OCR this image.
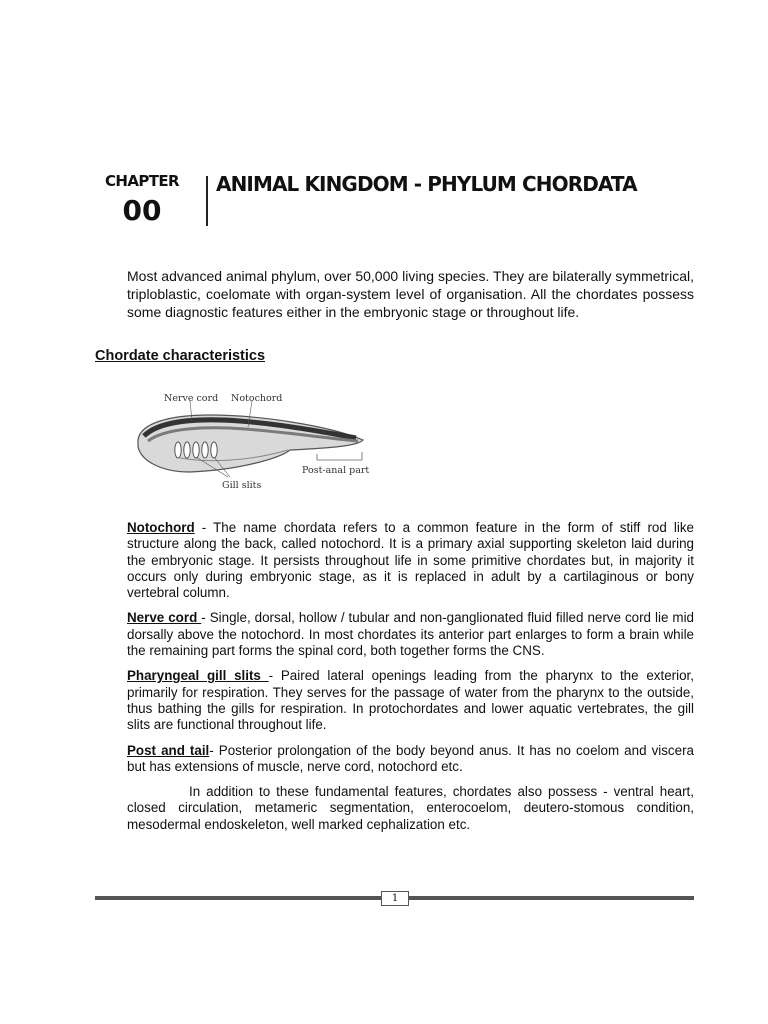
CHAPTER
00
ANIMAL KINGDOM - PHYLUM CHORDATA

Most advanced animal phylum, over 50,000 living species. They are bilaterally symmetrical, triploblastic, coelomate with organ-system level of organisation. All the chordates possess some diagnostic features either in the embryonic stage or throughout life.

Chordate characteristics
Nerve cord Notochord
Post-anal part
Gill slits

Notochord - The name chordata refers to a common feature in the form of stiff rod like structure along the back, called notochord. It is a primary axial supporting skeleton laid during the embryonic stage. It persists throughout life in some primitive chordates but, in majority it occurs only during embryonic stage, as it is replaced in adult by a cartilaginous or bony vertebral column.

Nerve cord - Single, dorsal, hollow / tubular and non-ganglionated fluid filled nerve cord lie mid dorsally above the notochord. In most chordates its anterior part enlarges to form a brain while the remaining part forms the spinal cord, both together forms the CNS.

Pharyngeal gill slits - Paired lateral openings leading from the pharynx to the exterior, primarily for respiration. They serves for the passage of water from the pharynx to the outside, thus bathing the gills for respiration. In protochordates and lower aquatic vertebrates, the gill slits are functional throughout life.

Post and tail- Posterior prolongation of the body beyond anus. It has no coelom and viscera but has extensions of muscle, nerve cord, notochord etc.

In addition to these fundamental features, chordates also possess - ventral heart, closed circulation, metameric segmentation, enterocoelom, deutero-stomous condition, mesodermal endoskeleton, well marked cephalization etc.

1
